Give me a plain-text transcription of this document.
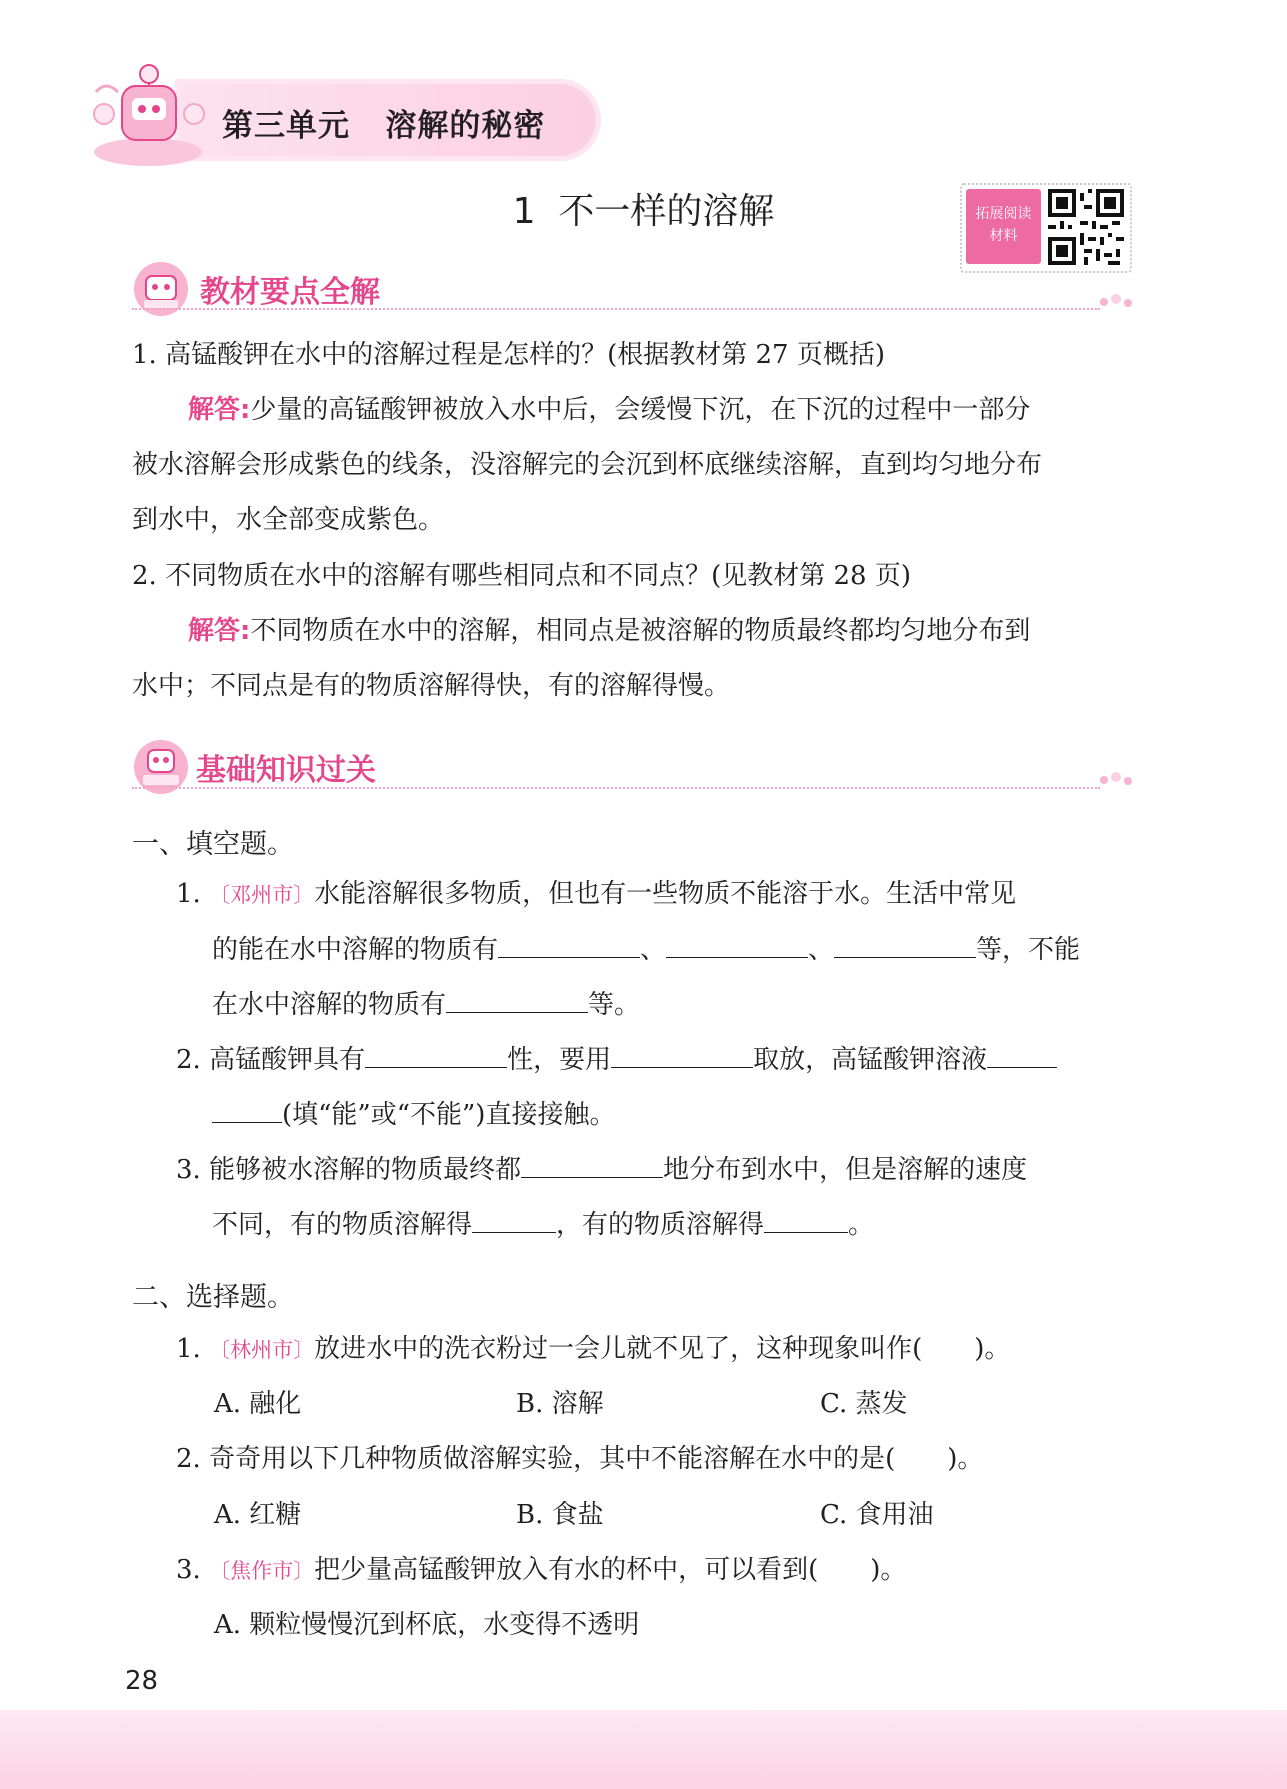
第三单元 溶解的秘密
1  不一样的溶解	拓展阅读
材料
教材要点全解
1. 高锰酸钾在水中的溶解过程是怎样的？(根据教材第 27 页概括)
解答:少量的高锰酸钾被放入水中后，会缓慢下沉，在下沉的过程中一部分
被水溶解会形成紫色的线条，没溶解完的会沉到杯底继续溶解，直到均匀地分布
到水中，水全部变成紫色。
2. 不同物质在水中的溶解有哪些相同点和不同点？(见教材第 28 页)
解答:不同物质在水中的溶解，相同点是被溶解的物质最终都均匀地分布到
水中；不同点是有的物质溶解得快，有的溶解得慢。
基础知识过关
一、填空题。
1. 〔邓州市〕水能溶解很多物质，但也有一些物质不能溶于水。生活中常见
的能在水中溶解的物质有	、	、	等，不能
在水中溶解的物质有	等。
2. 高锰酸钾具有	性，要用	取放，高锰酸钾溶液
(填“能”或“不能”)直接接触。
3. 能够被水溶解的物质最终都	地分布到水中，但是溶解的速度
不同，有的物质溶解得	，有的物质溶解得	。
二、选择题。
1. 〔林州市〕放进水中的洗衣粉过一会儿就不见了，这种现象叫作(　　)。
A. 融化	B. 溶解	C. 蒸发
2. 奇奇用以下几种物质做溶解实验，其中不能溶解在水中的是(　　)。
A. 红糖	B. 食盐	C. 食用油
3. 〔焦作市〕把少量高锰酸钾放入有水的杯中，可以看到(　　)。
A. 颗粒慢慢沉到杯底，水变得不透明
28
